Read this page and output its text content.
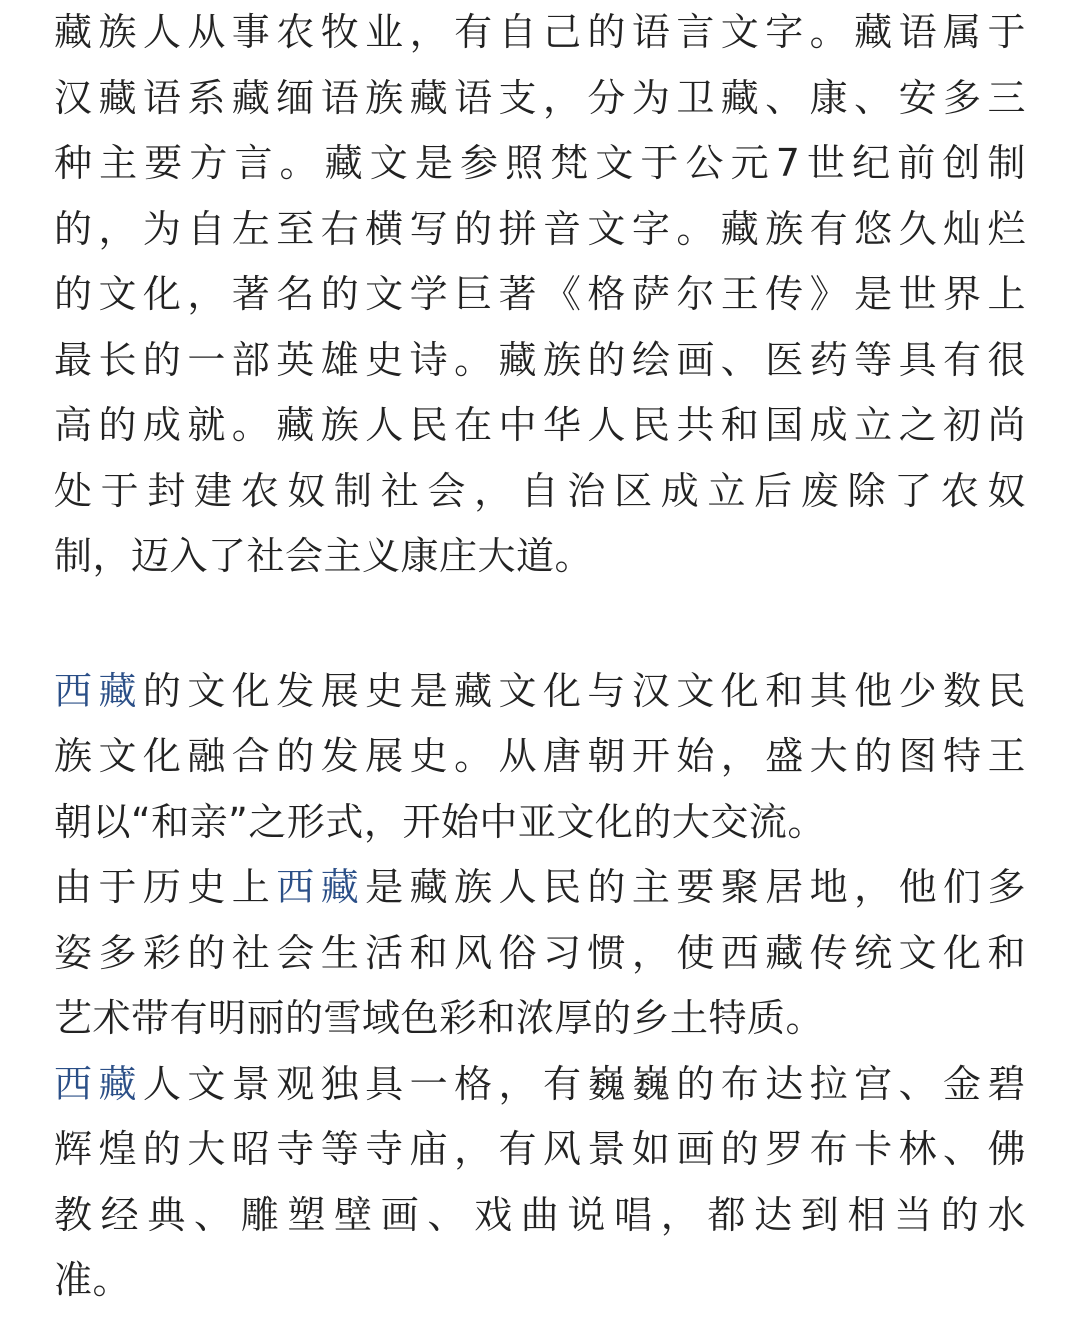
藏族人从事农牧业，有自己的语言文字。藏语属于
汉藏语系藏缅语族藏语支，分为卫藏、康、安多三
种主要方言。藏文是参照梵文于公元7世纪前创制
的，为自左至右横写的拼音文字。藏族有悠久灿烂
的文化，著名的文学巨著《格萨尔王传》是世界上
最长的一部英雄史诗。藏族的绘画、医药等具有很
高的成就。藏族人民在中华人民共和国成立之初尚
处于封建农奴制社会，自治区成立后废除了农奴
制，迈入了社会主义康庄大道。
西藏的文化发展史是藏文化与汉文化和其他少数民
族文化融合的发展史。从唐朝开始，盛大的图特王
朝以“和亲”之形式，开始中亚文化的大交流。
由于历史上西藏是藏族人民的主要聚居地，他们多
姿多彩的社会生活和风俗习惯，使西藏传统文化和
艺术带有明丽的雪域色彩和浓厚的乡土特质。
西藏人文景观独具一格，有巍巍的布达拉宫、金碧
辉煌的大昭寺等寺庙，有风景如画的罗布卡林、佛
教经典、雕塑壁画、戏曲说唱，都达到相当的水
准。
